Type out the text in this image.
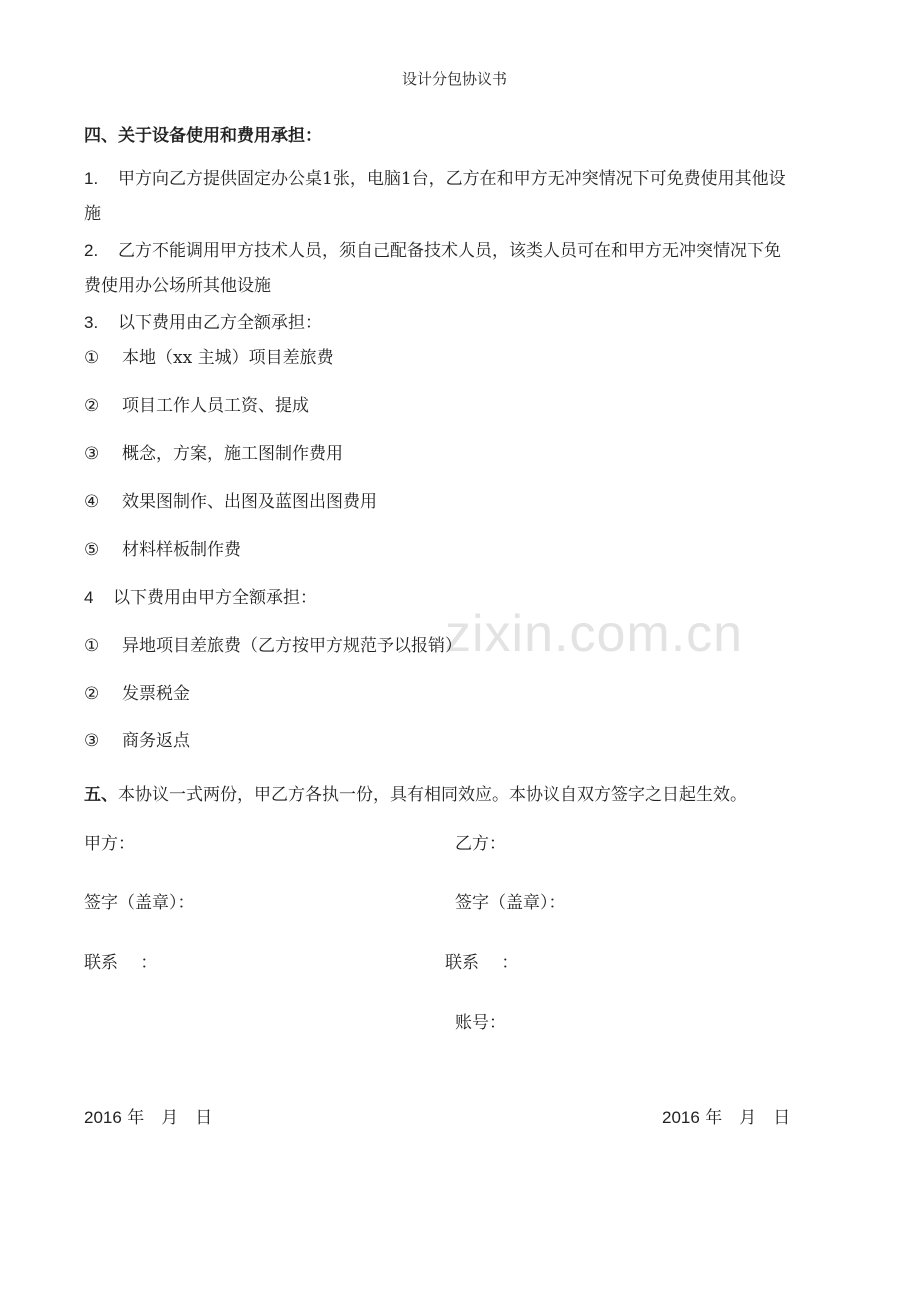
设计分包协议书
四、关于设备使用和费用承担：
1. 甲方向乙方提供固定办公桌1张，电脑1台，乙方在和甲方无冲突情况下可免费使用其他设
施
2. 乙方不能调用甲方技术人员，须自己配备技术人员，该类人员可在和甲方无冲突情况下免
费使用办公场所其他设施
3. 以下费用由乙方全额承担：
① 本地（xx 主城）项目差旅费
② 项目工作人员工资、提成
③ 概念，方案，施工图制作费用
④ 效果图制作、出图及蓝图出图费用
⑤ 材料样板制作费
4 以下费用由甲方全额承担：
zixin.com.cn
① 异地项目差旅费（乙方按甲方规范予以报销）
② 发票税金
③ 商务返点
五、本协议一式两份，甲乙方各执一份，具有相同效应。本协议自双方签字之日起生效。
甲方：	乙方：
签字（盖章）：	签字（盖章）：
联系　 ：	联系　 ：
账号：
2016 年　月　日	2016 年　月　日
